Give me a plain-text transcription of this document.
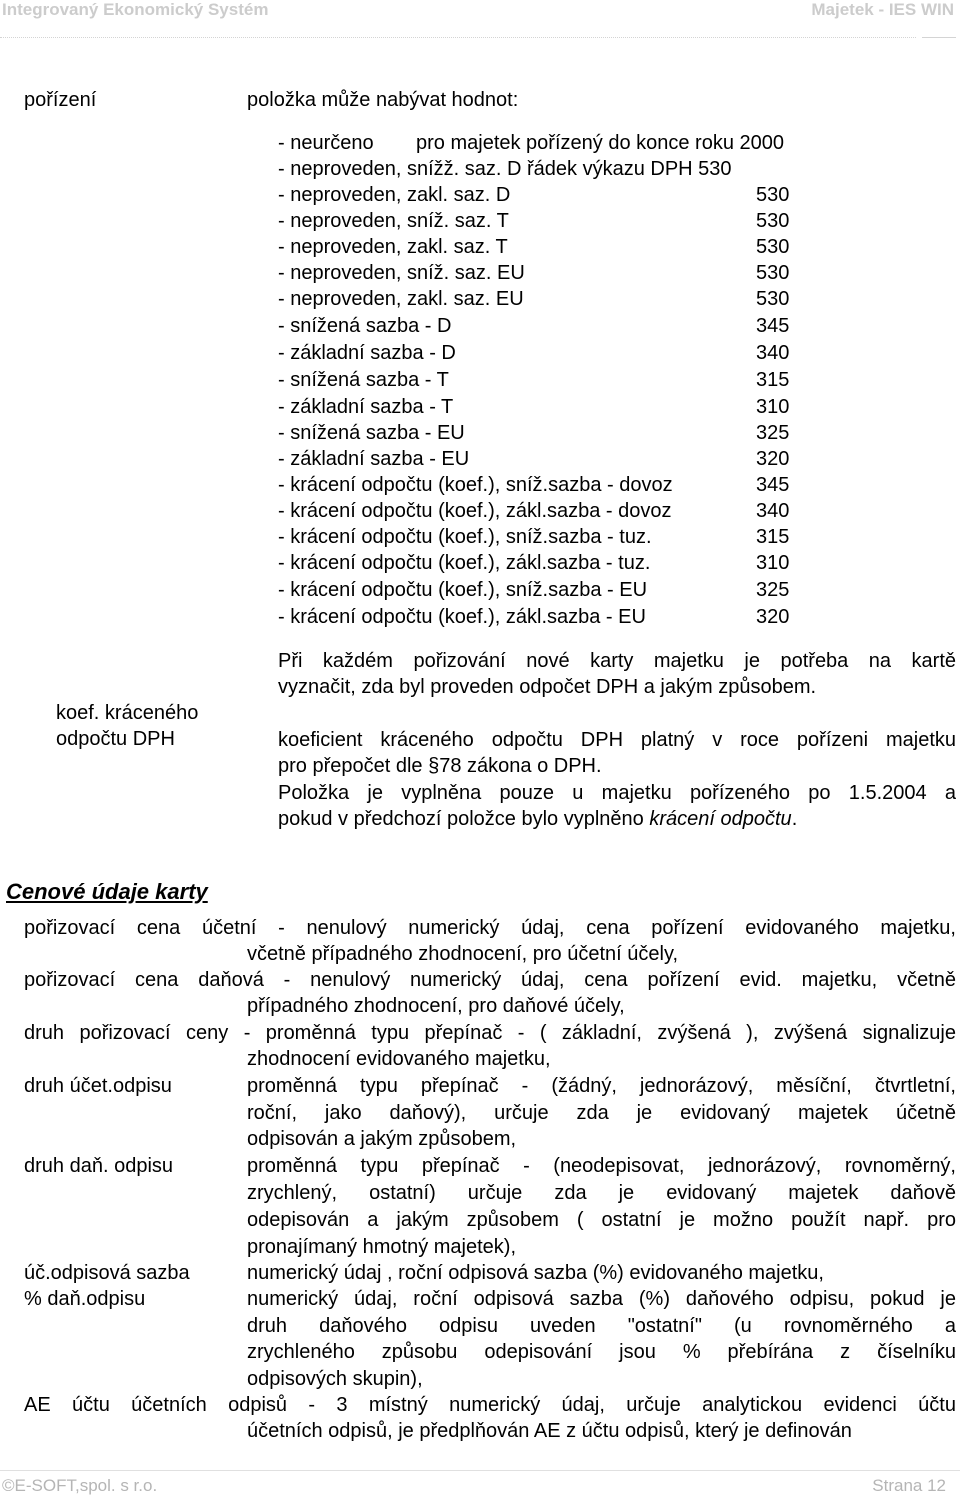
Integrovaný Ekonomický Systém	Majetek - IES WIN
pořízení	položka může nabývat hodnot:
- neurčeno pro majetek pořízený do konce roku 2000
- neproveden, snížž. saz. D řádek výkazu DPH 530
- neproveden, zakl. saz. D	530
- neproveden, sníž. saz. T	530
- neproveden, zakl. saz. T	530
- neproveden, sníž. saz. EU	530
- neproveden, zakl. saz. EU	530
- snížená sazba - D	345
- základní sazba - D	340
- snížená sazba - T	315
- základní sazba - T	310
- snížená sazba - EU	325
- základní sazba - EU	320
- krácení odpočtu (koef.), sníž.sazba - dovoz	345
- krácení odpočtu (koef.), zákl.sazba - dovoz	340
- krácení odpočtu (koef.), sníž.sazba - tuz.	315
- krácení odpočtu (koef.), zákl.sazba - tuz.	310
- krácení odpočtu (koef.), sníž.sazba - EU	325
- krácení odpočtu (koef.), zákl.sazba - EU	320
Při každém pořizování nové karty majetku je potřeba na kartě
vyznačit, zda byl proveden odpočet DPH a jakým způsobem.
koef. kráceného
odpočtu DPH	koeficient kráceného odpočtu DPH platný v roce pořízeni majetku
pro přepočet dle §78 zákona o DPH.
Položka je vyplněna pouze u majetku pořízeného po 1.5.2004 a
pokud v předchozí položce bylo vyplněno krácení odpočtu.
Cenové údaje karty
pořizovací cena účetní - nenulový numerický údaj, cena pořízení evidovaného majetku,
včetně případného zhodnocení, pro účetní účely,
pořizovací cena daňová - nenulový numerický údaj, cena pořízení evid. majetku, včetně
případného zhodnocení, pro daňové účely,
druh pořizovací ceny - proměnná typu přepínač - ( základní, zvýšená ), zvýšená signalizuje
zhodnocení evidovaného majetku,
druh účet.odpisu	proměnná typu přepínač - (žádný, jednorázový, měsíční, čtvrtletní,
roční, jako daňový), určuje zda je evidovaný majetek účetně
odpisován a jakým způsobem,
druh daň. odpisu	proměnná typu přepínač - (neodepisovat, jednorázový, rovnoměrný,
zrychlený, ostatní) určuje zda je evidovaný majetek daňově
odepisován a jakým způsobem ( ostatní je možno použít např. pro
pronajímaný hmotný majetek),
úč.odpisová sazba	numerický údaj , roční odpisová sazba (%) evidovaného majetku,
% daň.odpisu	numerický údaj, roční odpisová sazba (%) daňového odpisu, pokud je
druh daňového odpisu uveden "ostatní" (u rovnoměrného a
zrychleného způsobu odepisování jsou % přebírána z číselníku
odpisových skupin),
AE účtu účetních odpisů - 3 místný numerický údaj, určuje analytickou evidenci účtu
účetních odpisů, je předplňován AE z účtu odpisů, který je definován
©E-SOFT,spol. s r.o.	Strana 12
